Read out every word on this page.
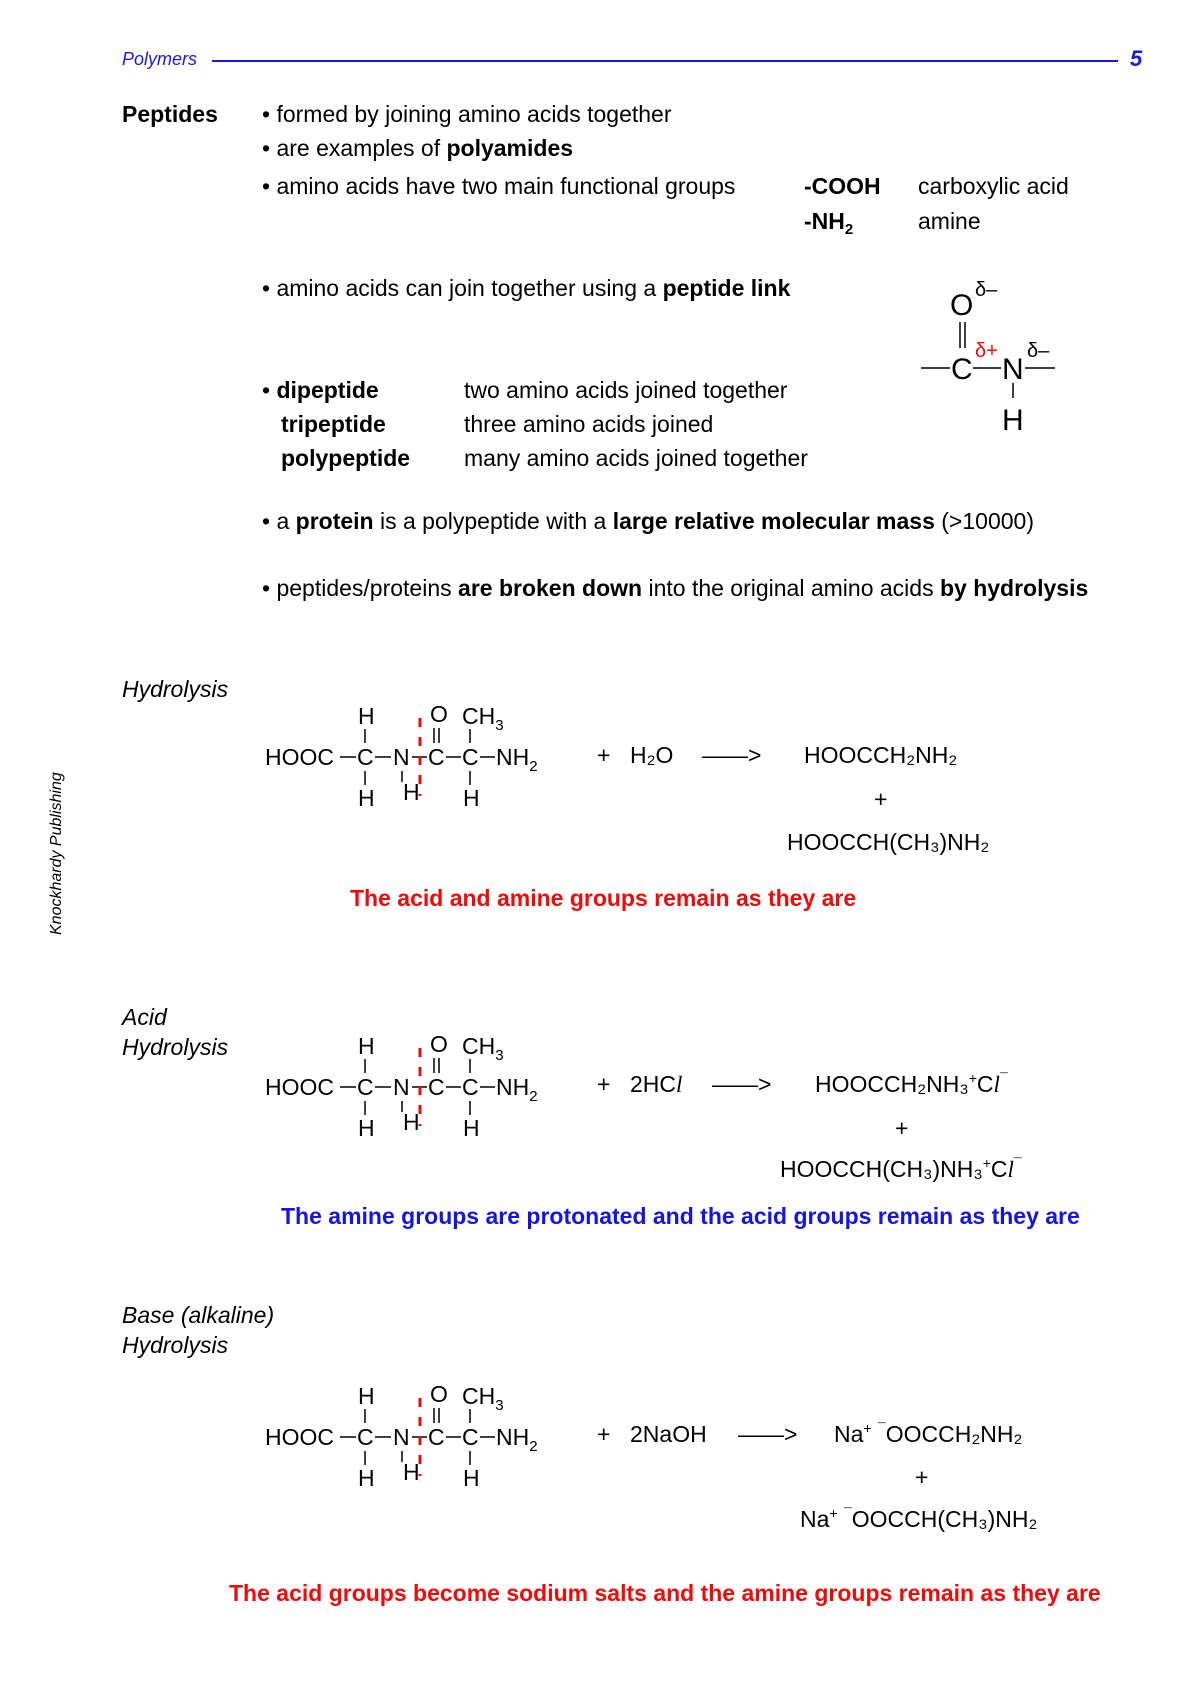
Polymers	5
Knockhardy Publishing
Peptides • formed by joining amino acids together
• are examples of polyamides
• amino acids have two main functional groups	-COOH carboxylic acid
$-NH_2$	amine
• amino acids can join together using a peptide link
O δ–
C
δ+
N
δ–
H
• dipeptide	two amino acids joined together
tripeptide	three amino acids joined
polypeptide many amino acids joined together
• a protein is a polypeptide with a large relative molecular mass (>10000)
• peptides/proteins are broken down into the original amino acids by hydrolysis
Hydrolysis
HOOC C
H
H
N
H
C
O
C
$CH_3$
H
$NH_2$	+ H₂O ——> HOOCCH₂NH₂
+
HOOCCH(CH₃)NH₂
The acid and amine groups remain as they are
Acid
Hydrolysis
HOOC C
H
H
N
H
C
O
C
$CH_3$
H
$NH_2$	+ 2HCl ——> HOOCCH₂NH₃+Cl¯
+
HOOCCH(CH₃)NH₃+Cl¯
The amine groups are protonated and the acid groups remain as they are
Base (alkaline)
Hydrolysis
HOOC C
H
H
N
H
C
O
C
$CH_3$
H
$NH_2$	+ 2NaOH ——> Na+ ¯OOCCH₂NH₂
+
Na+ ¯OOCCH(CH₃)NH₂
The acid groups become sodium salts and the amine groups remain as they are
